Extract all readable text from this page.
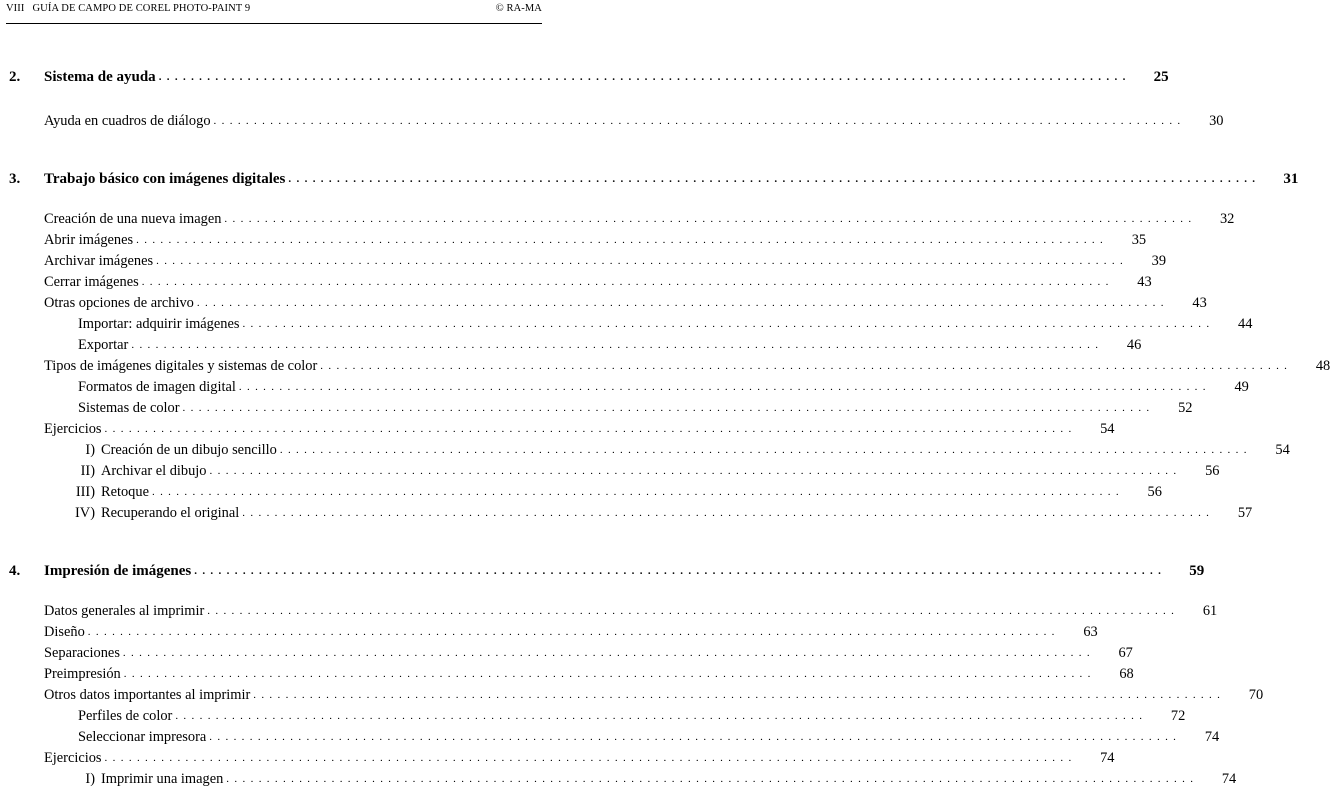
VIII GUÍA DE CAMPO DE COREL PHOTO-PAINT 9	© RA-MA
2. Sistema de ayuda . . . . . . . . . . . . . . . . . . . . . . . . . . . . . . . . . . . . . . . . . . . . . . . . . . . . . . . . . . . . . . . . . . . . . . . . . . . . . . . . . . . . . . . . . . . . . . . . . . . . . . . . . . . . . . . . . . . . . . . .	25
Ayuda en cuadros de diálogo . . . . . . . . . . . . . . . . . . . . . . . . . . . . . . . . . . . . . . . . . . . . . . . . . . . . . . . . . . . . . . . . . . . . . . . . . . . . . . . . . . . . . . . . . . . . . . . . . . . . . . . . . . . . . . . . . . . . . . . .	30
3. Trabajo básico con imágenes digitales . . . . . . . . . . . . . . . . . . . . . . . . . . . . . . . . . . . . . . . . . . . . . . . . . . . . . . . . . . . . . . . . . . . . . . . . . . . . . . . . . . . . . . . . . . . . . . . . . . . . . . . . . . . . . . . . . . . . . . . .	31
Creación de una nueva imagen . . . . . . . . . . . . . . . . . . . . . . . . . . . . . . . . . . . . . . . . . . . . . . . . . . . . . . . . . . . . . . . . . . . . . . . . . . . . . . . . . . . . . . . . . . . . . . . . . . . . . . . . . . . . . . . . . . . . . . . .	32
Abrir imágenes . . . . . . . . . . . . . . . . . . . . . . . . . . . . . . . . . . . . . . . . . . . . . . . . . . . . . . . . . . . . . . . . . . . . . . . . . . . . . . . . . . . . . . . . . . . . . . . . . . . . . . . . . . . . . . . . . . . . . . . .	35
Archivar imágenes . . . . . . . . . . . . . . . . . . . . . . . . . . . . . . . . . . . . . . . . . . . . . . . . . . . . . . . . . . . . . . . . . . . . . . . . . . . . . . . . . . . . . . . . . . . . . . . . . . . . . . . . . . . . . . . . . . . . . . . .	39
Cerrar imágenes . . . . . . . . . . . . . . . . . . . . . . . . . . . . . . . . . . . . . . . . . . . . . . . . . . . . . . . . . . . . . . . . . . . . . . . . . . . . . . . . . . . . . . . . . . . . . . . . . . . . . . . . . . . . . . . . . . . . . . . .	43
Otras opciones de archivo . . . . . . . . . . . . . . . . . . . . . . . . . . . . . . . . . . . . . . . . . . . . . . . . . . . . . . . . . . . . . . . . . . . . . . . . . . . . . . . . . . . . . . . . . . . . . . . . . . . . . . . . . . . . . . . . . . . . . . . .	43
Importar: adquirir imágenes . . . . . . . . . . . . . . . . . . . . . . . . . . . . . . . . . . . . . . . . . . . . . . . . . . . . . . . . . . . . . . . . . . . . . . . . . . . . . . . . . . . . . . . . . . . . . . . . . . . . . . . . . . . . . . . . . . . . . . . .	44
Exportar . . . . . . . . . . . . . . . . . . . . . . . . . . . . . . . . . . . . . . . . . . . . . . . . . . . . . . . . . . . . . . . . . . . . . . . . . . . . . . . . . . . . . . . . . . . . . . . . . . . . . . . . . . . . . . . . . . . . . . . .	46
Tipos de imágenes digitales y sistemas de color . . . . . . . . . . . . . . . . . . . . . . . . . . . . . . . . . . . . . . . . . . . . . . . . . . . . . . . . . . . . . . . . . . . . . . . . . . . . . . . . . . . . . . . . . . . . . . . . . . . . . . . . . . . . . . . . . . . . . . . .	48
Formatos de imagen digital . . . . . . . . . . . . . . . . . . . . . . . . . . . . . . . . . . . . . . . . . . . . . . . . . . . . . . . . . . . . . . . . . . . . . . . . . . . . . . . . . . . . . . . . . . . . . . . . . . . . . . . . . . . . . . . . . . . . . . . .	49
Sistemas de color . . . . . . . . . . . . . . . . . . . . . . . . . . . . . . . . . . . . . . . . . . . . . . . . . . . . . . . . . . . . . . . . . . . . . . . . . . . . . . . . . . . . . . . . . . . . . . . . . . . . . . . . . . . . . . . . . . . . . . . .	52
Ejercicios . . . . . . . . . . . . . . . . . . . . . . . . . . . . . . . . . . . . . . . . . . . . . . . . . . . . . . . . . . . . . . . . . . . . . . . . . . . . . . . . . . . . . . . . . . . . . . . . . . . . . . . . . . . . . . . . . . . . . . . .	54
I) Creación de un dibujo sencillo . . . . . . . . . . . . . . . . . . . . . . . . . . . . . . . . . . . . . . . . . . . . . . . . . . . . . . . . . . . . . . . . . . . . . . . . . . . . . . . . . . . . . . . . . . . . . . . . . . . . . . . . . . . . . . . . . . . . . . . .	54
II) Archivar el dibujo . . . . . . . . . . . . . . . . . . . . . . . . . . . . . . . . . . . . . . . . . . . . . . . . . . . . . . . . . . . . . . . . . . . . . . . . . . . . . . . . . . . . . . . . . . . . . . . . . . . . . . . . . . . . . . . . . . . . . . . .	56
III) Retoque . . . . . . . . . . . . . . . . . . . . . . . . . . . . . . . . . . . . . . . . . . . . . . . . . . . . . . . . . . . . . . . . . . . . . . . . . . . . . . . . . . . . . . . . . . . . . . . . . . . . . . . . . . . . . . . . . . . . . . . .	56
IV) Recuperando el original . . . . . . . . . . . . . . . . . . . . . . . . . . . . . . . . . . . . . . . . . . . . . . . . . . . . . . . . . . . . . . . . . . . . . . . . . . . . . . . . . . . . . . . . . . . . . . . . . . . . . . . . . . . . . . . . . . . . . . . .	57
4. Impresión de imágenes . . . . . . . . . . . . . . . . . . . . . . . . . . . . . . . . . . . . . . . . . . . . . . . . . . . . . . . . . . . . . . . . . . . . . . . . . . . . . . . . . . . . . . . . . . . . . . . . . . . . . . . . . . . . . . . . . . . . . . . .	59
Datos generales al imprimir . . . . . . . . . . . . . . . . . . . . . . . . . . . . . . . . . . . . . . . . . . . . . . . . . . . . . . . . . . . . . . . . . . . . . . . . . . . . . . . . . . . . . . . . . . . . . . . . . . . . . . . . . . . . . . . . . . . . . . . .	61
Diseño . . . . . . . . . . . . . . . . . . . . . . . . . . . . . . . . . . . . . . . . . . . . . . . . . . . . . . . . . . . . . . . . . . . . . . . . . . . . . . . . . . . . . . . . . . . . . . . . . . . . . . . . . . . . . . . . . . . . . . . .	63
Separaciones . . . . . . . . . . . . . . . . . . . . . . . . . . . . . . . . . . . . . . . . . . . . . . . . . . . . . . . . . . . . . . . . . . . . . . . . . . . . . . . . . . . . . . . . . . . . . . . . . . . . . . . . . . . . . . . . . . . . . . . .	67
Preimpresión . . . . . . . . . . . . . . . . . . . . . . . . . . . . . . . . . . . . . . . . . . . . . . . . . . . . . . . . . . . . . . . . . . . . . . . . . . . . . . . . . . . . . . . . . . . . . . . . . . . . . . . . . . . . . . . . . . . . . . . .	68
Otros datos importantes al imprimir . . . . . . . . . . . . . . . . . . . . . . . . . . . . . . . . . . . . . . . . . . . . . . . . . . . . . . . . . . . . . . . . . . . . . . . . . . . . . . . . . . . . . . . . . . . . . . . . . . . . . . . . . . . . . . . . . . . . . . . .	70
Perfiles de color . . . . . . . . . . . . . . . . . . . . . . . . . . . . . . . . . . . . . . . . . . . . . . . . . . . . . . . . . . . . . . . . . . . . . . . . . . . . . . . . . . . . . . . . . . . . . . . . . . . . . . . . . . . . . . . . . . . . . . . .	72
Seleccionar impresora . . . . . . . . . . . . . . . . . . . . . . . . . . . . . . . . . . . . . . . . . . . . . . . . . . . . . . . . . . . . . . . . . . . . . . . . . . . . . . . . . . . . . . . . . . . . . . . . . . . . . . . . . . . . . . . . . . . . . . . .	74
Ejercicios . . . . . . . . . . . . . . . . . . . . . . . . . . . . . . . . . . . . . . . . . . . . . . . . . . . . . . . . . . . . . . . . . . . . . . . . . . . . . . . . . . . . . . . . . . . . . . . . . . . . . . . . . . . . . . . . . . . . . . . .	74
I) Imprimir una imagen . . . . . . . . . . . . . . . . . . . . . . . . . . . . . . . . . . . . . . . . . . . . . . . . . . . . . . . . . . . . . . . . . . . . . . . . . . . . . . . . . . . . . . . . . . . . . . . . . . . . . . . . . . . . . . . . . . . . . . . .	74
